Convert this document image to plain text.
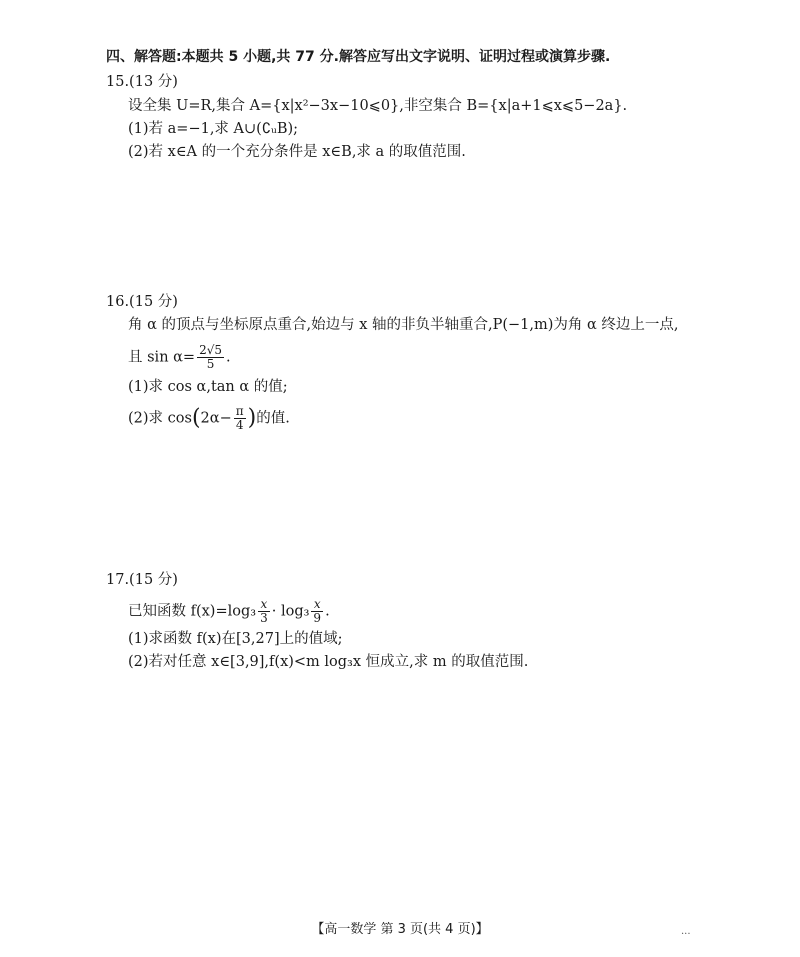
四、解答题:本题共 5 小题,共 77 分.解答应写出文字说明、证明过程或演算步骤.
15.(13 分)
设全集 U=R,集合 A={x|x²−3x−10⩽0},非空集合 B={x|a+1⩽x⩽5−2a}.
(1)若 a=−1,求 A∪(∁ᵤB);
(2)若 x∈A 的一个充分条件是 x∈B,求 a 的取值范围.
16.(15 分)
角 α 的顶点与坐标原点重合,始边与 x 轴的非负半轴重合,P(−1,m)为角 α 终边上一点,
且 $\sin \alpha= \frac{2√5}{5}$ .
(1)求 cos α,tan α 的值;
(2)求 $\cos(2\alpha- \frac{\pi}{4}$ )的值.
17.(15 分)
已知函数 $f(x)=\log_3 \frac{x}{3} \cdot \log_3 \frac{x}{9}$ .
(1)求函数 f(x)在[3,27]上的值域;
(2)若对任意 x∈[3,9],f(x)<m log₃x 恒成立,求 m 的取值范围.
【高一数学 第 3 页(共 4 页)】	...
